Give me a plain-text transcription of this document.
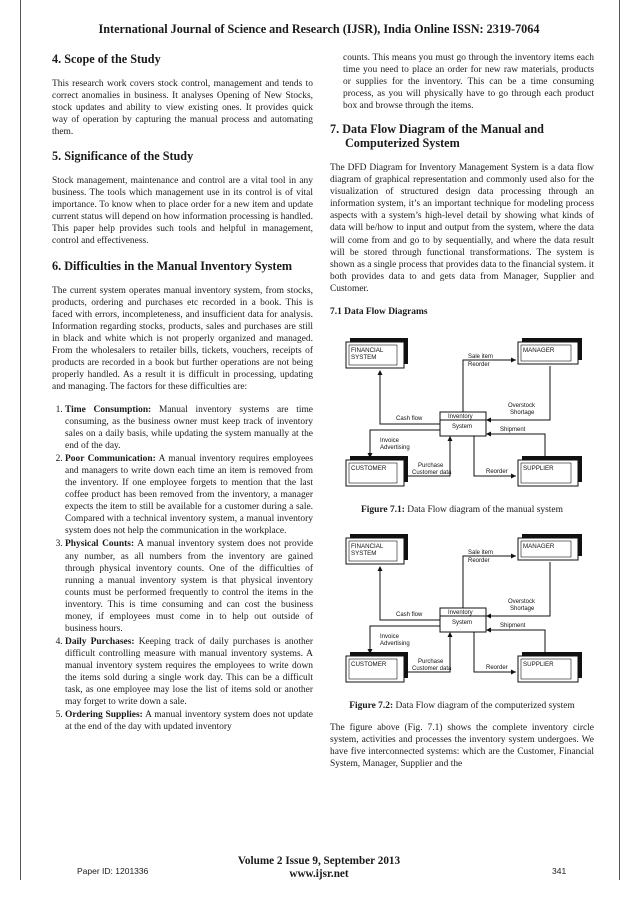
International Journal of Science and Research (IJSR), India Online ISSN: 2319-7064
4. Scope of the Study

This research work covers stock control, management and tends to correct anomalies in business. It analyses Opening of New Stocks, stock updates and ability to view existing ones. It provides quick way of operation by capturing the manual process and automating them.

5. Significance of the Study

Stock management, maintenance and control are a vital tool in any business. The tools which management use in its control is of vital importance. To know when to place order for a new item and update current status will depend on how information processing is handled. This paper help provides such tools and helpful in management, control and effectiveness.

6. Difficulties in the Manual Inventory System

The current system operates manual inventory system, from stocks, products, ordering and purchases etc recorded in a book. This is faced with errors, incompleteness, and insufficient data for analysis. Information regarding stocks, products, sales and purchases are still in black and white which is not properly organized and managed. From the wholesalers to retailer bills, tickets, vouchers, receipts of products are recorded in a book but further operations are not being properly handled. As a result it is difficult in processing, updating and managing. The factors for these difficulties are:

1. Time Consumption: Manual inventory systems are time consuming, as the business owner must keep track of inventory sales on a daily basis, while updating the system manually at the end of the day.
2. Poor Communication: A manual inventory requires employees and managers to write down each time an item is removed from the inventory. If one employee forgets to mention that the last coffee product has been removed from the inventory, a manager expects the item to still be available for a customer during a sale. Compared with a technical inventory system, a manual inventory system does not help the communication in the workplace.
3. Physical Counts: A manual inventory system does not provide any number, as all numbers from the inventory are gained through physical inventory counts. One of the difficulties of running a manual inventory system is that physical inventory counts must be performed frequently to control the items in the inventory. This is time consuming and can cost the business money, if employees must come in to help out outside of business hours.
4. Daily Purchases: Keeping track of daily purchases is another difficult controlling measure with manual inventory systems. A manual inventory system requires the employees to write down the items sold during a single work day. This can be a difficult task, as one employee may lose the list of items sold or another may forget to write down a sale.
5. Ordering Supplies: A manual inventory system does not update at the end of the day with updated inventory
counts. This means you must go through the inventory items each time you need to place an order for new raw materials, products or supplies for the inventory. This can be a time consuming process, as you will physically have to go through each product box and browse through the items.
7. Data Flow Diagram of the Manual and Computerized System

The DFD Diagram for Inventory Management System is a data flow diagram of graphical representation and commonly used also for the visualization of structured design data processing through an information system, it’s an important technique for modeling process aspects with a system’s high-level detail by showing what kinds of data will be/how to input and output from the system, where the data will come from and go to by sequentially, and where the data result will be stored through functional transformations. The system is shown as a single process that provides data to the financial system. it both provides data to and gets data from Manager, Supplier and Customer.

7.1 Data Flow Diagrams
FINANCIAL
SYSTEM
MANAGER
CUSTOMER	SUPPLIER
Inventory
System
Sale item
Reorder
Cash flow
Overstock
Shortage
Invoice
Advertising
Shipment
Purchase
Customer data	Reorder
Figure 7.1: Data Flow diagram of the manual system
FINANCIAL
SYSTEM
MANAGER
CUSTOMER	SUPPLIER
Inventory
System
Sale item
Reorder
Cash flow
Overstock
Shortage
Invoice
Advertising
Shipment
Purchase
Customer data	Reorder
Figure 7.2: Data Flow diagram of the computerized system

The figure above (Fig. 7.1) shows the complete inventory circle system, activities and processes the inventory system undergoes. We have five interconnected systems: which are the Customer, Financial System, Manager, Supplier and the

Volume 2 Issue 9, September 2013
www.ijsr.net
Paper ID: 1201336	341
